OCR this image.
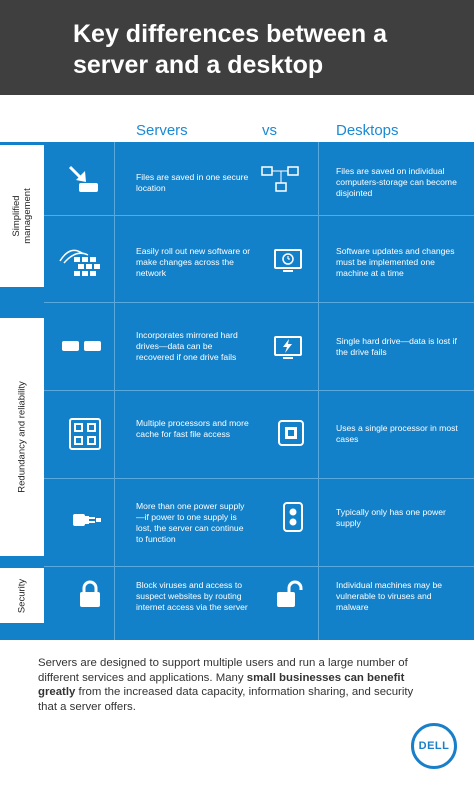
Key differences between a server and a desktop
Servers	vs	Desktops
Simplified management
Redundancy and reliability
Security
Files are saved in one secure location
Files are saved on individual computers-storage can become disjointed
Easily roll out new software or make changes across the network
Software updates and changes must be implemented one machine at a time
Incorporates mirrored hard drives—data can be recovered if one drive fails
Single hard drive—data is lost if the drive fails
Multiple processors and more cache for fast file access
Uses a single processor in most cases
More than one power supply—if power to one supply is lost, the server can continue to function
Typically only has one power supply
Block viruses and access to suspect websites by routing internet access via the server
Individual machines may be vulnerable to viruses and malware
Servers are designed to support multiple users and run a large number of different services and applications. Many small businesses can benefit greatly from the increased data capacity, information sharing, and security that a server offers.
DELL
